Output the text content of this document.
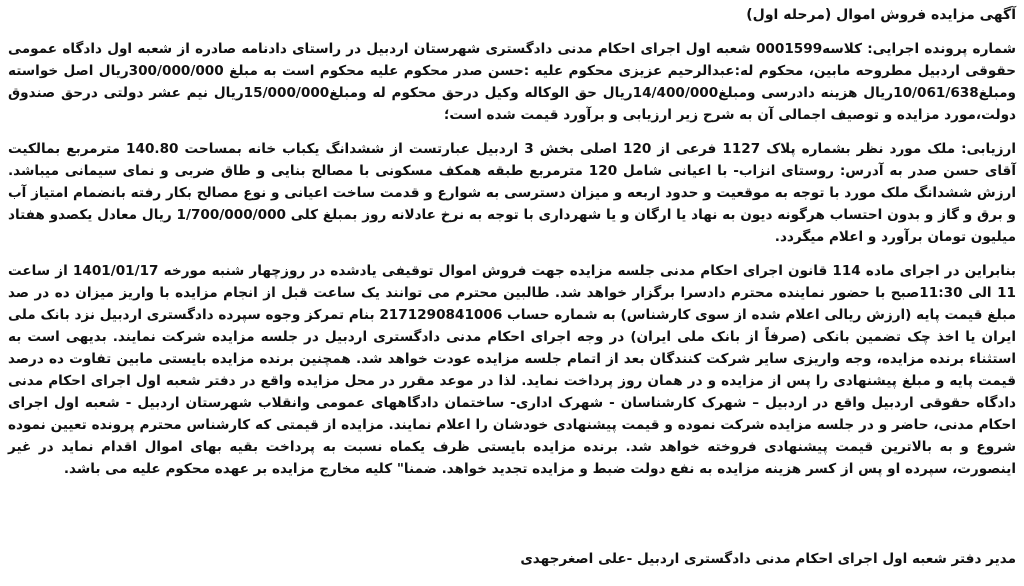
آگهی مزایده فروش اموال (مرحله اول)

شماره پرونده اجرایی: کلاسه0001599 شعبه اول اجرای احکام مدنی دادگستری شهرستان اردبیل در راستای دادنامه صادره از شعبه اول دادگاه عمومی حقوقی اردبیل مطروحه مابین، محکوم له:عبدالرحیم عزیزی محکوم علیه :حسن صدر محکوم علیه محکوم است به مبلغ 300/000/000ریال اصل خواسته ومبلغ10/061/638ریال هزینه دادرسی ومبلغ14/400/000ریال حق الوکاله وکیل درحق محکوم له ومبلغ15/000/000ریال نیم عشر دولتی درحق صندوق دولت،مورد مزایده و توصیف اجمالی آن به شرح زیر ارزیابی و برآورد قیمت شده است؛

ارزیابی: ملک مورد نظر بشماره پلاک 1127 فرعی از 120 اصلی بخش 3 اردبیل عبارتست از ششدانگ یکباب خانه بمساحت 140.80 مترمربع بمالکیت آقای حسن صدر به آدرس: روستای انزاب- با اعیانی شامل 120 مترمربع طبقه همکف مسکونی با مصالح بنایی و طاق ضربی و نمای سیمانی میباشد. ارزش ششدانگ ملک مورد با توجه به موقعیت و حدود اربعه و میزان دسترسی به شوارع و قدمت ساخت اعیانی و نوع مصالح بکار رفته بانضمام امتیاز آب و برق و گاز و بدون احتساب هرگونه دیون به نهاد یا ارگان و یا شهرداری با توجه به نرخ عادلانه روز بمبلغ کلی 1/700/000/000 ریال معادل یکصدو هفتاد میلیون تومان برآورد و اعلام میگردد.

بنابراین در اجرای ماده 114 قانون اجرای احکام مدنی جلسه مزایده جهت فروش اموال توقیفی یادشده در روزچهار شنبه مورخه 1401/01/17 از ساعت 11 الی 11:30صبح با حضور نماینده محترم دادسرا برگزار خواهد شد. طالبین محترم می توانند یک ساعت قبل از انجام مزایده با واریز میزان ده در صد مبلغ قیمت پایه (ارزش ریالی اعلام شده از سوی کارشناس) به شماره حساب 2171290841006 بنام تمرکز وجوه سپرده دادگستری اردبیل نزد بانک ملی ایران یا اخذ چک تضمین بانکی (صرفاً از بانک ملی ایران) در وجه اجرای احکام مدنی دادگستری اردبیل در جلسه مزایده شرکت نمایند. بدیهی است به استثناء برنده مزایده، وجه واریزی سایر شرکت کنندگان بعد از اتمام جلسه مزایده عودت خواهد شد. همچنین برنده مزایده بایستی مابین تفاوت ده درصد قیمت پایه و مبلغ پیشنهادی را پس از مزایده و در همان روز پرداخت نماید. لذا در موعد مقرر در محل مزایده واقع در دفتر شعبه اول اجرای احکام مدنی دادگاه حقوقی اردبیل واقع در اردبیل – شهرک کارشناسان - شهرک اداری- ساختمان دادگاههای عمومی وانقلاب شهرستان اردبیل - شعبه اول اجرای احکام مدنی، حاضر و در جلسه مزایده شرکت نموده و قیمت پیشنهادی خودشان را اعلام نمایند. مزایده از قیمتی که کارشناس محترم پرونده تعیین نموده شروع و به بالاترین قیمت پیشنهادی فروخته خواهد شد. برنده مزایده بایستی ظرف یکماه نسبت به پرداخت بقیه بهای اموال اقدام نماید در غیر اینصورت، سپرده او پس از کسر هزینه مزایده به نفع دولت ضبط و مزایده تجدید خواهد. ضمنا" کلیه مخارج مزایده بر عهده محکوم علیه می باشد.

مدیر دفتر شعبه اول اجرای احکام مدنی دادگستری اردبیل -علی اصغرجهدی
